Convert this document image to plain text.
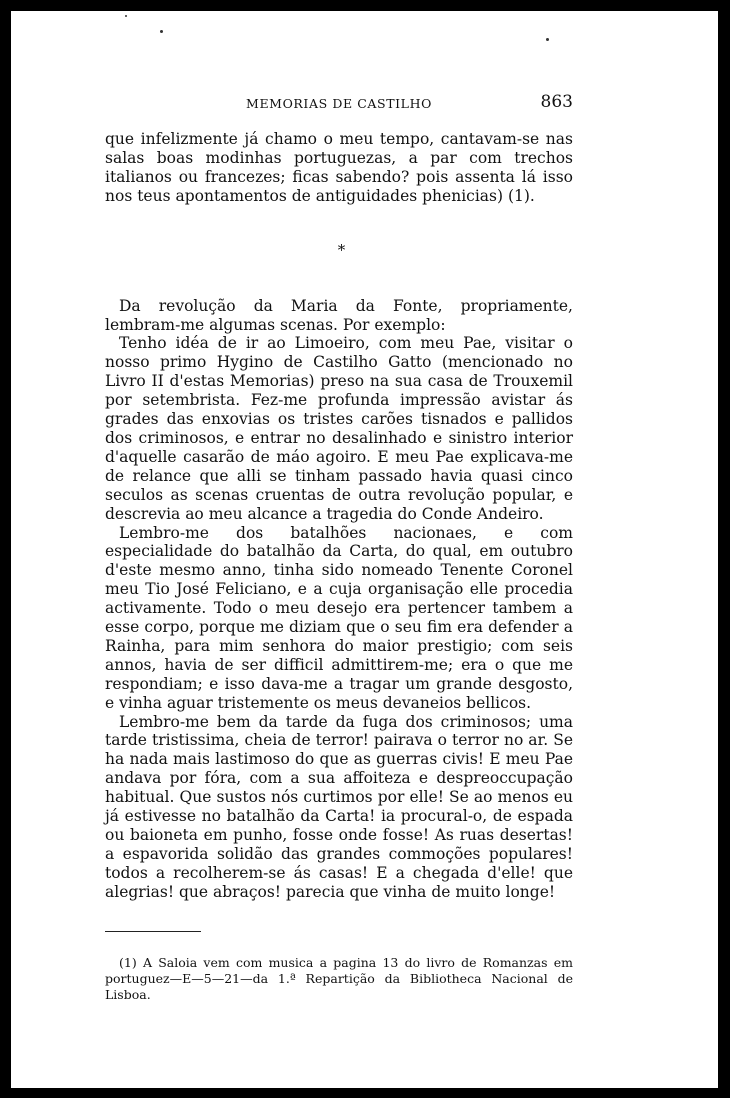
MEMORIAS DE CASTILHO	863

que infelizmente já chamo o meu tempo, cantavam-se nas salas boas modinhas portuguezas, a par com trechos italianos ou francezes; ficas sabendo? pois assenta lá isso nos teus apontamentos de antiguidades phenicias) (1).

*

Da revolução da Maria da Fonte, propriamente, lembram-me algumas scenas. Por exemplo:

Tenho idéa de ir ao Limoeiro, com meu Pae, visitar o nosso primo Hygino de Castilho Gatto (mencionado no Livro II d'estas Memorias) preso na sua casa de Trouxemil por setembrista. Fez-me profunda impressão avistar ás grades das enxovias os tristes carões tisnados e pallidos dos criminosos, e entrar no desalinhado e sinistro interior d'aquelle casarão de máo agoiro. E meu Pae explicava-me de relance que alli se tinham passado havia quasi cinco seculos as scenas cruentas de outra revolução popular, e descrevia ao meu alcance a tragedia do Conde Andeiro.

Lembro-me dos batalhões nacionaes, e com especialidade do batalhão da Carta, do qual, em outubro d'este mesmo anno, tinha sido nomeado Tenente Coronel meu Tio José Feliciano, e a cuja organisação elle procedia activamente. Todo o meu desejo era pertencer tambem a esse corpo, porque me diziam que o seu fim era defender a Rainha, para mim senhora do maior prestigio; com seis annos, havia de ser difficil admittirem-me; era o que me respondiam; e isso dava-me a tragar um grande desgosto, e vinha aguar tristemente os meus devaneios bellicos.

Lembro-me bem da tarde da fuga dos criminosos; uma tarde tristissima, cheia de terror! pairava o terror no ar. Se ha nada mais lastimoso do que as guerras civis! E meu Pae andava por fóra, com a sua affoiteza e despreoccupação habitual. Que sustos nós curtimos por elle! Se ao menos eu já estivesse no batalhão da Carta! ia procural-o, de espada ou baioneta em punho, fosse onde fosse! As ruas desertas! a espavorida solidão das grandes commoções populares! todos a recolherem-se ás casas! E a chegada d'elle! que alegrias! que abraços! parecia que vinha de muito longe!

(1) A Saloia vem com musica a pagina 13 do livro de Romanzas em portuguez—E—5—21—da 1.ª Repartição da Bibliotheca Nacional de Lisboa.
